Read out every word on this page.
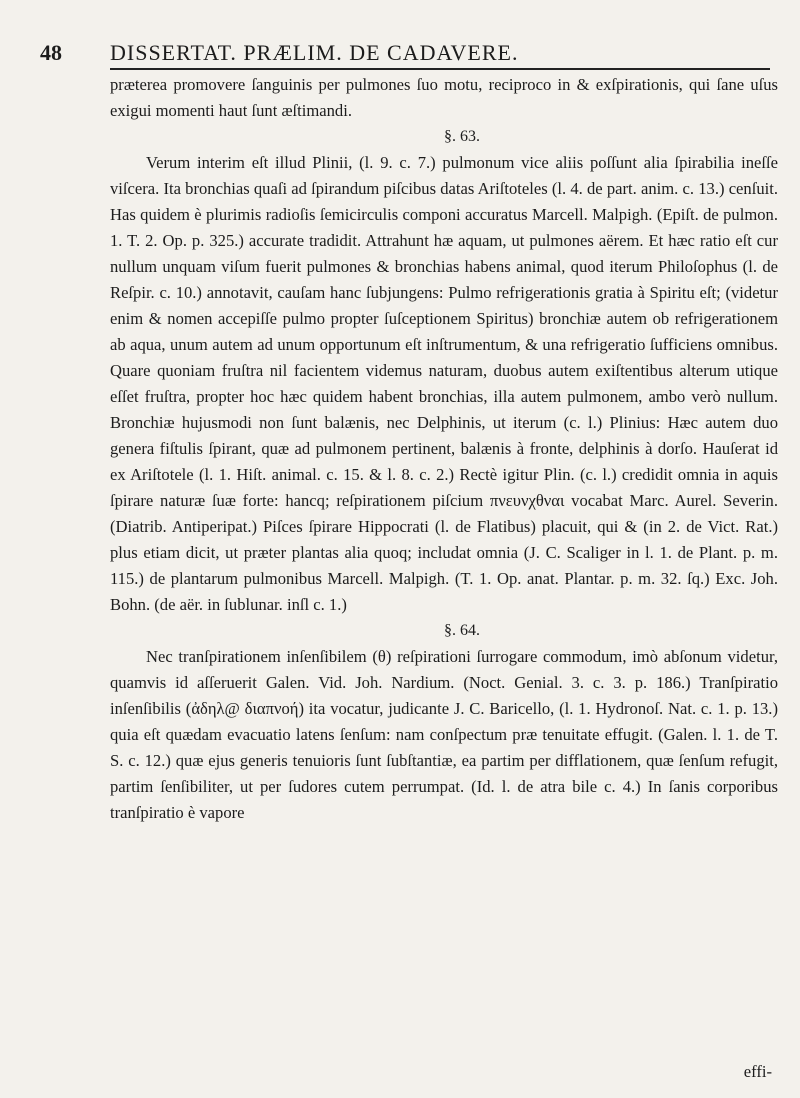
48	DISSERTAT. PRÆLIM. DE CADAVERE.

prætereа promovere ſanguinis per pulmones ſuo motu, reciproco in & exſpirationis, qui ſane uſus exigui momenti haut ſunt æſtimandi.

§. 63.

Verum interim eſt illud Plinii, (l. 9. c. 7.) pulmonum vice aliis poſſunt alia ſpirabilia ineſſe viſcera. Ita bronchias quaſi ad ſpirandum piſcibus datas Ariſtoteles (l. 4. de part. anim. c. 13.) cenſuit. Has quidem è plurimis radioſis ſemicirculis componi accuratus Marcell. Malpigh. (Epiſt. de pulmon. 1. T. 2. Op. p. 325.) accurate tradidit. Attrahunt hæ aquam, ut pulmones aërem. Et hæc ratio eſt cur nullum unquam viſum fuerit pulmones & bronchias habens animal, quod iterum Philoſophus (l. de Reſpir. c. 10.) annotavit, cauſam hanc ſubjungens: Pulmo refrigerationis gratia à Spiritu eſt; (videtur enim & nomen accepiſſe pulmo propter ſuſceptionem Spiritus) bronchiæ autem ob refrigerationem ab aqua, unum autem ad unum opportunum eſt inſtrumentum, & una refrigeratio ſufficiens omnibus. Quare quoniam fruſtra nil facientem videmus naturam, duobus autem exiſtentibus alterum utique eſſet fruſtra, propter hoc hæc quidem habent bronchias, illa autem pulmonem, ambo verò nullum. Bronchiæ hujusmodi non ſunt balænis, nec Delphinis, ut iterum (c. l.) Plinius: Hæc autem duo genera fiſtulis ſpirant, quæ ad pulmonem pertinent, balænis à fronte, delphinis à dorſo. Hauſerat id ex Ariſtotele (l. 1. Hiſt. animal. c. 15. & l. 8. c. 2.) Rectè igitur Plin. (c. l.) credidit omnia in aquis ſpirare naturæ ſuæ forte: hancq; reſpirationem piſcium πνευνχθναι vocabat Marc. Aurel. Severin. (Diatrib. Antiperipat.) Piſces ſpirare Hippocrati (l. de Flatibus) placuit, qui & (in 2. de Vict. Rat.) plus etiam dicit, ut præter plantas alia quoq; includat omnia (J. C. Scaliger in l. 1. de Plant. p. m. 115.) de plantarum pulmonibus Marcell. Malpigh. (T. 1. Op. anat. Plantar. p. m. 32. ſq.) Exc. Joh. Bohn. (de aër. in ſublunar. inſl c. 1.)

§. 64.

Nec tranſpirationem inſenſibilem (θ) reſpirationi ſurrogare commodum, imò abſonum videtur, quamvis id aſſeruerit Galen. Vid. Joh. Nardium. (Noct. Genial. 3. c. 3. p. 186.) Tranſpiratio inſenſibilis (ἀδηλ@ διαπνοή) ita vocatur, judicante J. C. Baricello, (l. 1. Hydronoſ. Nat. c. 1. p. 13.) quia eſt quædam evacuatio latens ſenſum: nam conſpectum præ tenuitate effugit. (Galen. l. 1. de T. S. c. 12.) quæ ejus generis tenuioris ſunt ſubſtantiæ, ea partim per difflationem, quæ ſenſum refugit, partim ſenſibiliter, ut per ſudores cutem perrumpat. (Id. l. de atra bile c. 4.) In ſanis corporibus tranſpiratio è vapore

effi-
